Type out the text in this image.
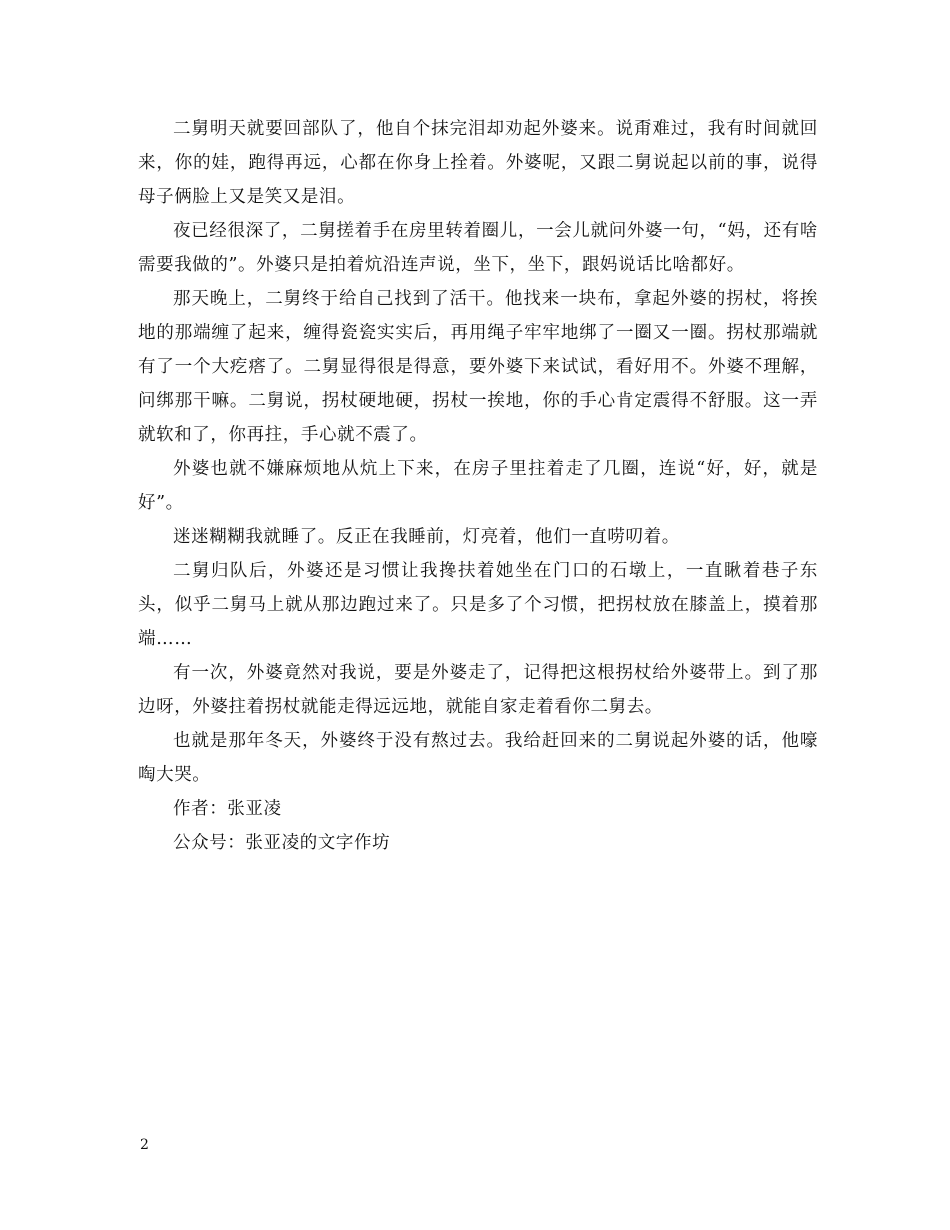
二舅明天就要回部队了，他自个抹完泪却劝起外婆来。说甭难过，我有时间就回来，你的娃，跑得再远，心都在你身上拴着。外婆呢，又跟二舅说起以前的事，说得母子俩脸上又是笑又是泪。

夜已经很深了，二舅搓着手在房里转着圈儿，一会儿就问外婆一句，“妈，还有啥需要我做的”。外婆只是拍着炕沿连声说，坐下，坐下，跟妈说话比啥都好。

那天晚上，二舅终于给自己找到了活干。他找来一块布，拿起外婆的拐杖，将挨地的那端缠了起来，缠得瓷瓷实实后，再用绳子牢牢地绑了一圈又一圈。拐杖那端就有了一个大疙瘩了。二舅显得很是得意，要外婆下来试试，看好用不。外婆不理解，问绑那干嘛。二舅说，拐杖硬地硬，拐杖一挨地，你的手心肯定震得不舒服。这一弄就软和了，你再拄，手心就不震了。

外婆也就不嫌麻烦地从炕上下来，在房子里拄着走了几圈，连说“好，好，就是好”。

迷迷糊糊我就睡了。反正在我睡前，灯亮着，他们一直唠叨着。

二舅归队后，外婆还是习惯让我搀扶着她坐在门口的石墩上，一直瞅着巷子东头，似乎二舅马上就从那边跑过来了。只是多了个习惯，把拐杖放在膝盖上，摸着那端……

有一次，外婆竟然对我说，要是外婆走了，记得把这根拐杖给外婆带上。到了那边呀，外婆拄着拐杖就能走得远远地，就能自家走着看你二舅去。

也就是那年冬天，外婆终于没有熬过去。我给赶回来的二舅说起外婆的话，他嚎啕大哭。

作者：张亚凌

公众号：张亚凌的文字作坊

2
